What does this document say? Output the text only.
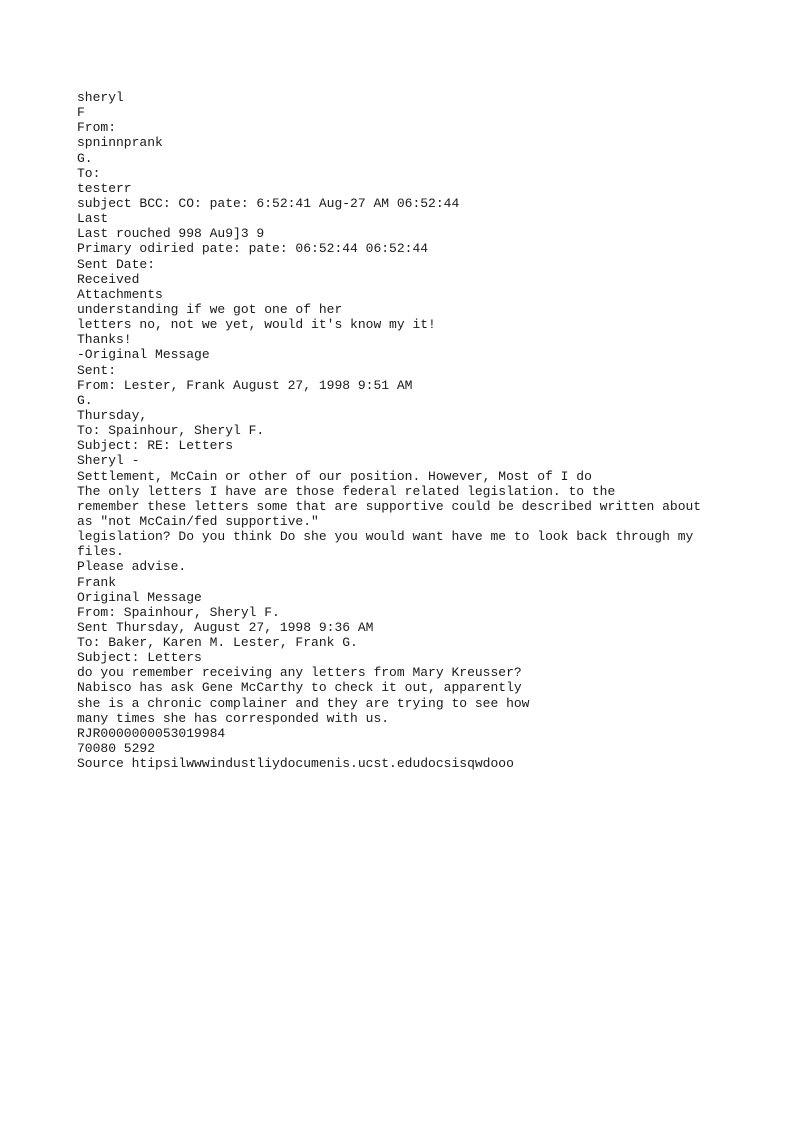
sheryl
F
From:
spninnprank
G.
To:
testerr
subject BCC: CO: pate: 6:52:41 Aug-27 AM 06:52:44
Last
Last rouched 998 Au9]3 9
Primary odiried pate: pate: 06:52:44 06:52:44
Sent Date:
Received
Attachments
understanding if we got one of her
letters no, not we yet, would it's know my it!
Thanks!
-Original Message
Sent:
From: Lester, Frank August 27, 1998 9:51 AM
G.
Thursday,
To: Spainhour, Sheryl F.
Subject: RE: Letters
Sheryl -
Settlement, McCain or other of our position. However, Most of I do
The only letters I have are those federal related legislation. to the
remember these letters some that are supportive could be described written about
as "not McCain/fed supportive."
legislation? Do you think Do she you would want have me to look back through my
files.
Please advise.
Frank
Original Message
From: Spainhour, Sheryl F.
Sent Thursday, August 27, 1998 9:36 AM
To: Baker, Karen M. Lester, Frank G.
Subject: Letters
do you remember receiving any letters from Mary Kreusser?
Nabisco has ask Gene McCarthy to check it out, apparently
she is a chronic complainer and they are trying to see how
many times she has corresponded with us.
RJR0000000053019984
70080 5292
Source htipsilwwwindustliydocumenis.ucst.edudocsisqwdooo
